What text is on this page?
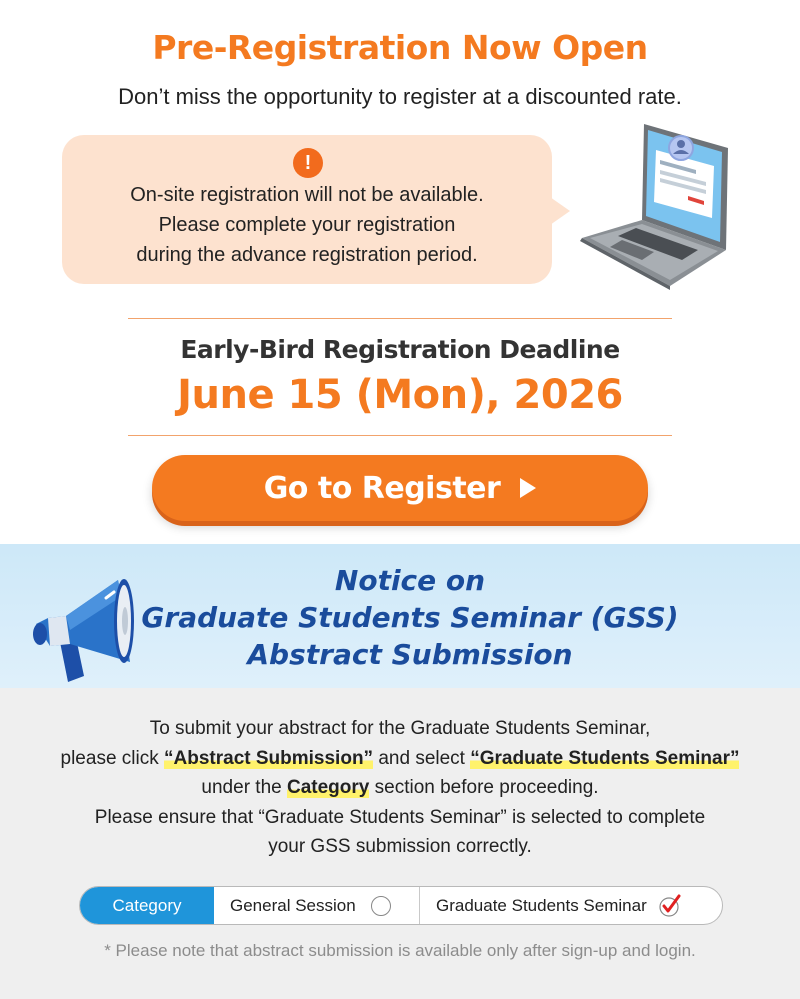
Pre-Registration Now Open
Don’t miss the opportunity to register at a discounted rate.
!
On-site registration will not be available.
Please complete your registration
during the advance registration period.
Early-Bird Registration Deadline
June 15 (Mon), 2026
Go to Register
Notice on
Graduate Students Seminar (GSS)
Abstract Submission
To submit your abstract for the Graduate Students Seminar,
please click “Abstract Submission” and select “Graduate Students Seminar”
under the Category section before proceeding.
Please ensure that “Graduate Students Seminar” is selected to complete
your GSS submission correctly.
Category	General Session	Graduate Students Seminar
* Please note that abstract submission is available only after sign-up and login.
